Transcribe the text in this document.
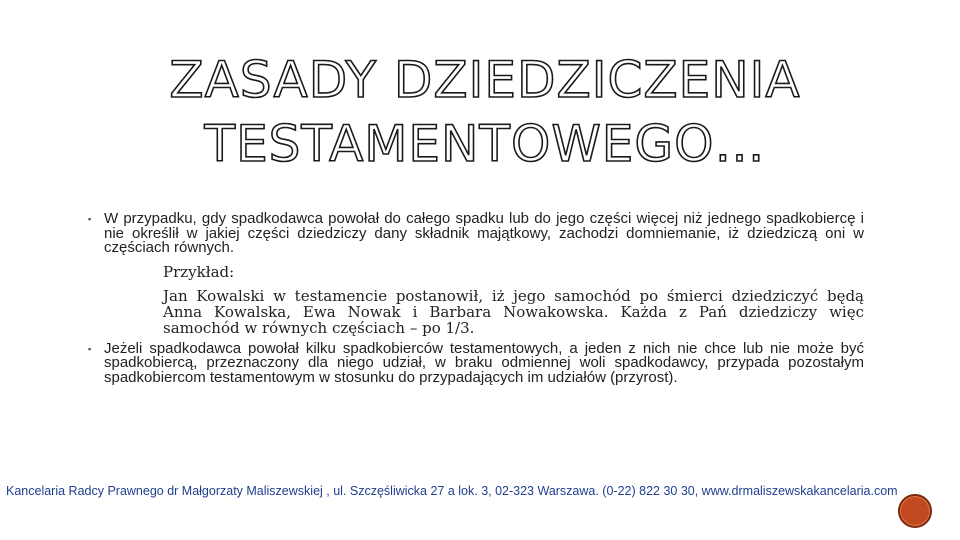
ZASADY DZIEDZICZENIA
TESTAMENTOWEGO…

▪ W przypadku, gdy spadkodawca powołał do całego spadku lub do jego części więcej niż jednego spadkobiercę i nie określił w jakiej części dziedziczy dany składnik majątkowy, zachodzi domniemanie, iż dziedziczą oni w częściach równych.

Przykład:
Jan Kowalski w testamencie postanowił, iż jego samochód po śmierci dziedziczyć będą Anna Kowalska, Ewa Nowak i Barbara Nowakowska. Każda z Pań dziedziczy więc samochód w równych częściach – po 1/3.

▪ Jeżeli spadkodawca powołał kilku spadkobierców testamentowych, a jeden z nich nie chce lub nie może być spadkobiercą, przeznaczony dla niego udział, w braku odmiennej woli spadkodawcy, przypada pozostałym spadkobiercom testamentowym w stosunku do przypadających im udziałów (przyrost).

Kancelaria Radcy Prawnego dr Małgorzaty Maliszewskiej , ul. Szczęśliwicka 27 a lok. 3, 02-323 Warszawa. (0-22) 822 30 30, www.drmaliszewskakancelaria.com
